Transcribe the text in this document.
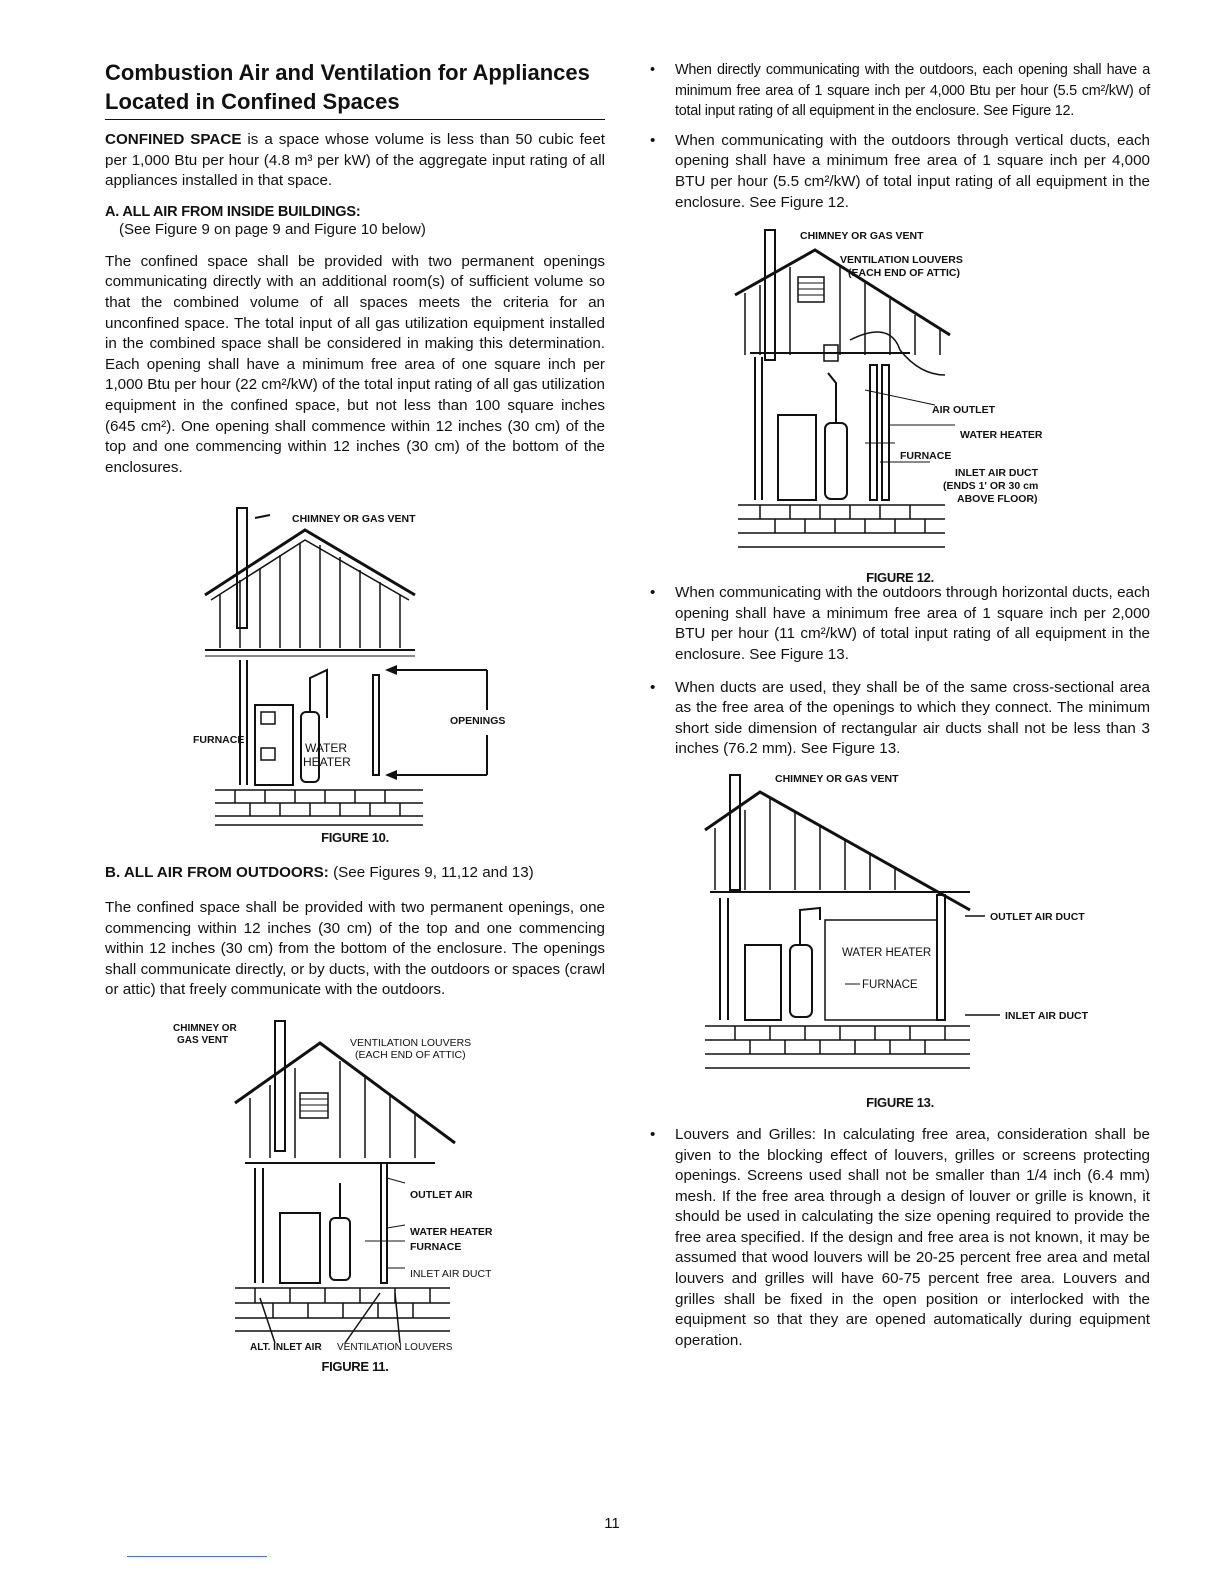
Combustion Air and Ventilation for Appliances Located in Confined Spaces

CONFINED SPACE is a space whose volume is less than 50 cubic feet per 1,000 Btu per hour (4.8 m³ per kW) of the aggregate input rating of all appliances installed in that space.

A. ALL AIR FROM INSIDE BUILDINGS:
(See Figure 9 on page 9 and Figure 10 below)

The confined space shall be provided with two permanent openings communicating directly with an additional room(s) of sufficient volume so that the combined volume of all spaces meets the criteria for an unconfined space. The total input of all gas utilization equipment installed in the combined space shall be considered in making this determination. Each opening shall have a minimum free area of one square inch per 1,000 Btu per hour (22 cm²/kW) of the total input rating of all gas utilization equipment in the confined space, but not less than 100 square inches (645 cm²). One opening shall commence within 12 inches (30 cm) of the top and one commencing within 12 inches (30 cm) of the bottom of the enclosures.

CHIMNEY OR GAS VENT
FURNACE
WATER
HEATER
OPENINGS
FIGURE 10.

B. ALL AIR FROM OUTDOORS: (See Figures 9, 11,12 and 13)

The confined space shall be provided with two permanent openings, one commencing within 12 inches (30 cm) of the top and one commencing within 12 inches (30 cm) from the bottom of the enclosure. The openings shall communicate directly, or by ducts, with the outdoors or spaces (crawl or attic) that freely communicate with the outdoors.

CHIMNEY OR
GAS VENT	VENTILATION LOUVERS
(EACH END OF ATTIC)
OUTLET AIR
WATER HEATER
FURNACE
INLET AIR DUCT
ALT. INLET AIR VENTILATION LOUVERS
FIGURE 11.
• When directly communicating with the outdoors, each opening shall have a minimum free area of 1 square inch per 4,000 Btu per hour (5.5 cm²/kW) of total input rating of all equipment in the enclosure. See Figure 12.
• When communicating with the outdoors through vertical ducts, each opening shall have a minimum free area of 1 square inch per 4,000 BTU per hour (5.5 cm²/kW) of total input rating of all equipment in the enclosure. See Figure 12.
CHIMNEY OR GAS VENT
VENTILATION LOUVERS
(EACH END OF ATTIC)
AIR OUTLET
WATER HEATER
FURNACE
INLET AIR DUCT
(ENDS 1' OR 30 cm
ABOVE FLOOR)
FIGURE 12.
• When communicating with the outdoors through horizontal ducts, each opening shall have a minimum free area of 1 square inch per 2,000 BTU per hour (11 cm²/kW) of total input rating of all equipment in the enclosure. See Figure 13.
• When ducts are used, they shall be of the same cross-sectional area as the free area of the openings to which they connect. The minimum short side dimension of rectangular air ducts shall not be less than 3 inches (76.2 mm). See Figure 13.
CHIMNEY OR GAS VENT
OUTLET AIR DUCT
WATER HEATER
FURNACE
INLET AIR DUCT
FIGURE 13.
• Louvers and Grilles: In calculating free area, consideration shall be given to the blocking effect of louvers, grilles or screens protecting openings. Screens used shall not be smaller than 1/4 inch (6.4 mm) mesh. If the free area through a design of louver or grille is known, it should be used in calculating the size opening required to provide the free area specified. If the design and free area is not known, it may be assumed that wood louvers will be 20-25 percent free area and metal louvers and grilles will have 60-75 percent free area. Louvers and grilles shall be fixed in the open position or interlocked with the equipment so that they are opened automatically during equipment operation.
11
